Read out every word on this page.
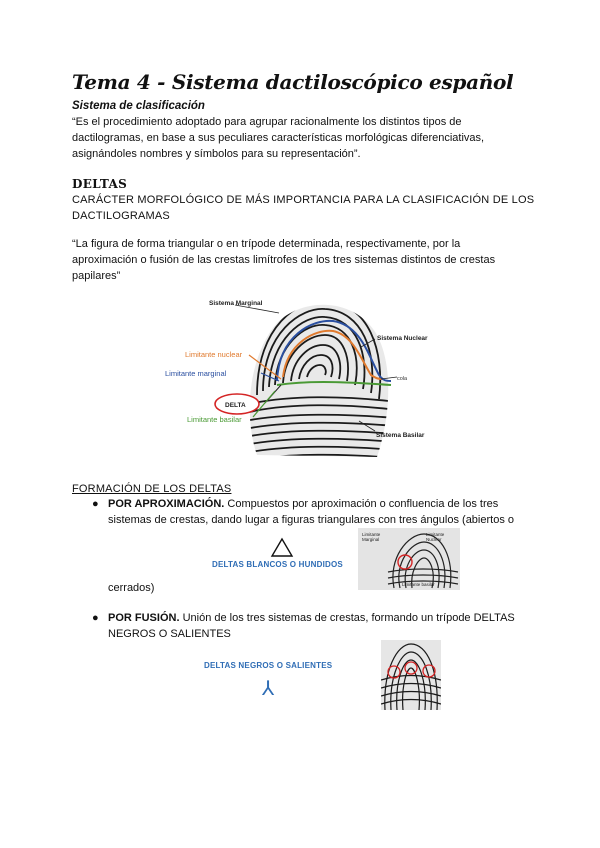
Tema 4 - Sistema dactiloscópico español
Sistema de clasificación
“Es el procedimiento adoptado para agrupar racionalmente los distintos tipos de
dactilogramas, en base a sus peculiares características morfológicas diferenciativas,
asignándoles nombres y símbolos para su representación”.
DELTAS
CARÁCTER MORFOLÓGICO DE MÁS IMPORTANCIA PARA LA CLASIFICACIÓN DE LOS
DACTILOGRAMAS
“La figura de forma triangular o en trípode determinada, respectivamente, por la
aproximación o fusión de las crestas limítrofes de los tres sistemas distintos de crestas
papilares”
Sistema Marginal
Sistema Nuclear
Limitante nuclear
Limitante marginal
cola
DELTA
Limitante basilar
Sistema Basilar
FORMACIÓN DE LOS DELTAS
● POR APROXIMACIÓN. Compuestos por aproximación o confluencia de los tres
sistemas de crestas, dando lugar a figuras triangulares con tres ángulos (abiertos o
DELTAS BLANCOS O HUNDIDOS
Limitante
Marginal
Limitante
Nuclear
Limitante basilar
cerrados)
● POR FUSIÓN. Unión de los tres sistemas de crestas, formando un trípode DELTAS
NEGROS O SALIENTES
DELTAS NEGROS O SALIENTES
⅄
